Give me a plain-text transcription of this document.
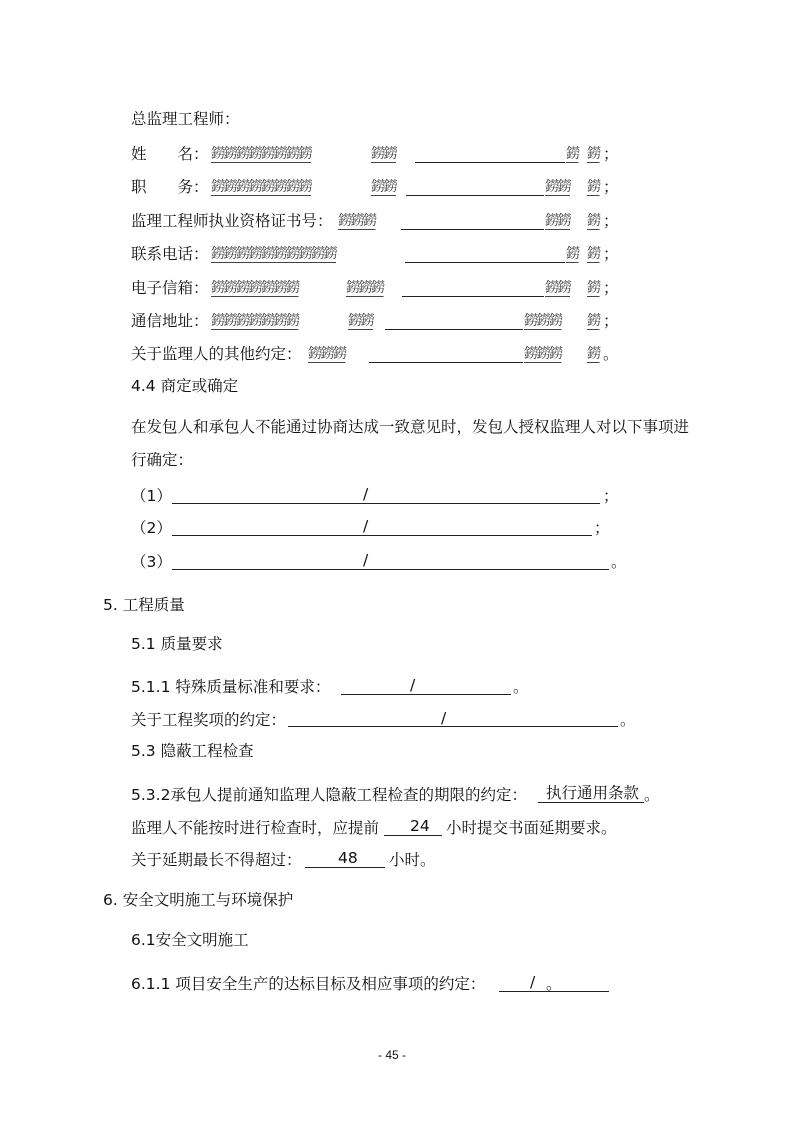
总监理工程师：
姓　　名： 鐒鐒鐒鐒鐒鐒鐒鐒	鐒鐒	鐒 鐒 ；
职　　务： 鐒鐒鐒鐒鐒鐒鐒鐒	鐒鐒	鐒鐒 鐒 ；
监理工程师执业资格证书号： 鐒鐒鐒	鐒鐒 鐒 ；
联系电话： 鐒鐒鐒鐒鐒鐒鐒鐒鐒鐒	鐒 鐒 ；
电子信箱： 鐒鐒鐒鐒鐒鐒鐒	鐒鐒鐒	鐒鐒 鐒 ；
通信地址： 鐒鐒鐒鐒鐒鐒鐒	鐒鐒	鐒鐒鐒 鐒 ；
关于监理人的其他约定： 鐒鐒鐒	鐒鐒鐒 鐒 。
4.4 商定或确定
在发包人和承包人不能通过协商达成一致意见时，发包人授权监理人对以下事项进
行确定：
（1）	/	；
（2）	/	；
（3）	/	。
5. 工程质量
5.1 质量要求
5.1.1 特殊质量标准和要求：	/	。
关于工程奖项的约定：	/	。
5.3 隐蔽工程检查
5.3.2承包人提前通知监理人隐蔽工程检查的期限的约定： 执行通用条款 。
监理人不能按时进行检查时，应提前 24 小时提交书面延期要求。
关于延期最长不得超过： 48 小时。
6. 安全文明施工与环境保护
6.1安全文明施工
6.1.1 项目安全生产的达标目标及相应事项的约定：	/ 。
- 45 -
